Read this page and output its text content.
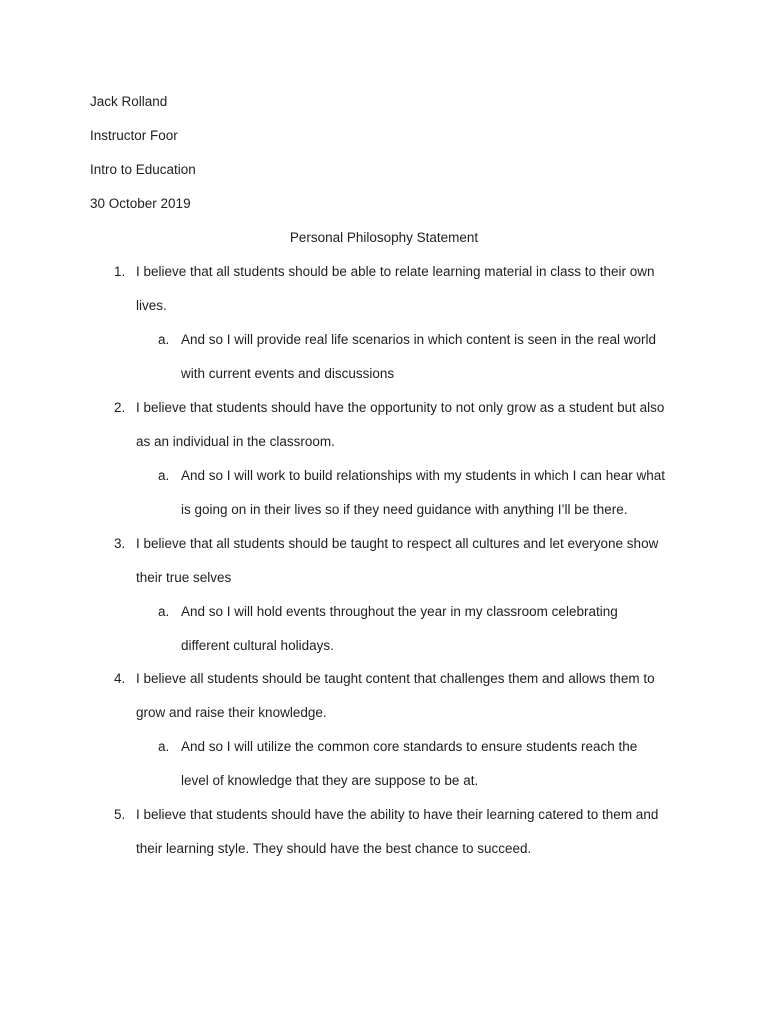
Jack Rolland
Instructor Foor
Intro to Education
30 October 2019
Personal Philosophy Statement
1. I believe that all students should be able to relate learning material in class to their own
lives.
a. And so I will provide real life scenarios in which content is seen in the real world
with current events and discussions
2. I believe that students should have the opportunity to not only grow as a student but also
as an individual in the classroom.
a. And so I will work to build relationships with my students in which I can hear what
is going on in their lives so if they need guidance with anything I’ll be there.
3. I believe that all students should be taught to respect all cultures and let everyone show
their true selves
a. And so I will hold events throughout the year in my classroom celebrating
different cultural holidays.
4. I believe all students should be taught content that challenges them and allows them to
grow and raise their knowledge.
a. And so I will utilize the common core standards to ensure students reach the
level of knowledge that they are suppose to be at.
5. I believe that students should have the ability to have their learning catered to them and
their learning style. They should have the best chance to succeed.
